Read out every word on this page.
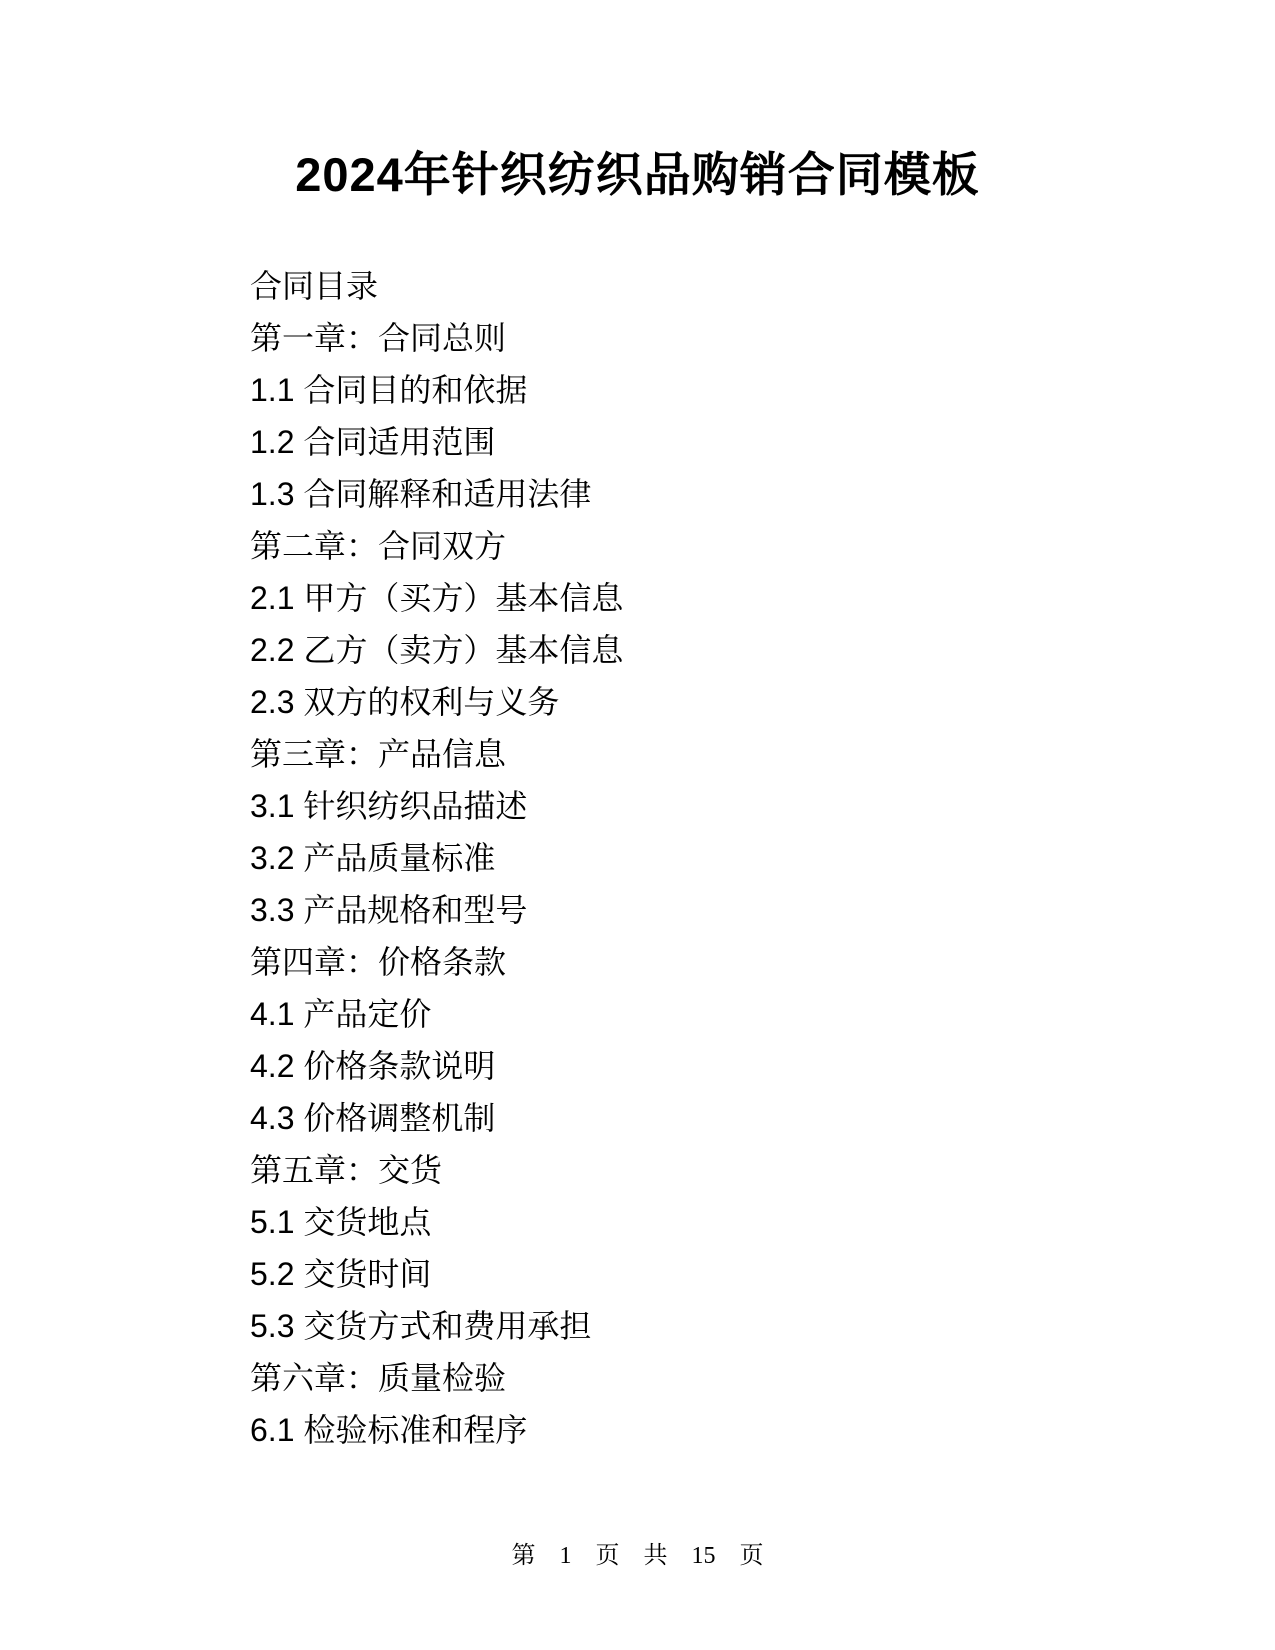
2024年针织纺织品购销合同模板
合同目录
第一章：合同总则
1.1 合同目的和依据
1.2 合同适用范围
1.3 合同解释和适用法律
第二章：合同双方
2.1 甲方（买方）基本信息
2.2 乙方（卖方）基本信息
2.3 双方的权利与义务
第三章：产品信息
3.1 针织纺织品描述
3.2 产品质量标准
3.3 产品规格和型号
第四章：价格条款
4.1 产品定价
4.2 价格条款说明
4.3 价格调整机制
第五章：交货
5.1 交货地点
5.2 交货时间
5.3 交货方式和费用承担
第六章：质量检验
6.1 检验标准和程序
第 1 页 共 15 页
